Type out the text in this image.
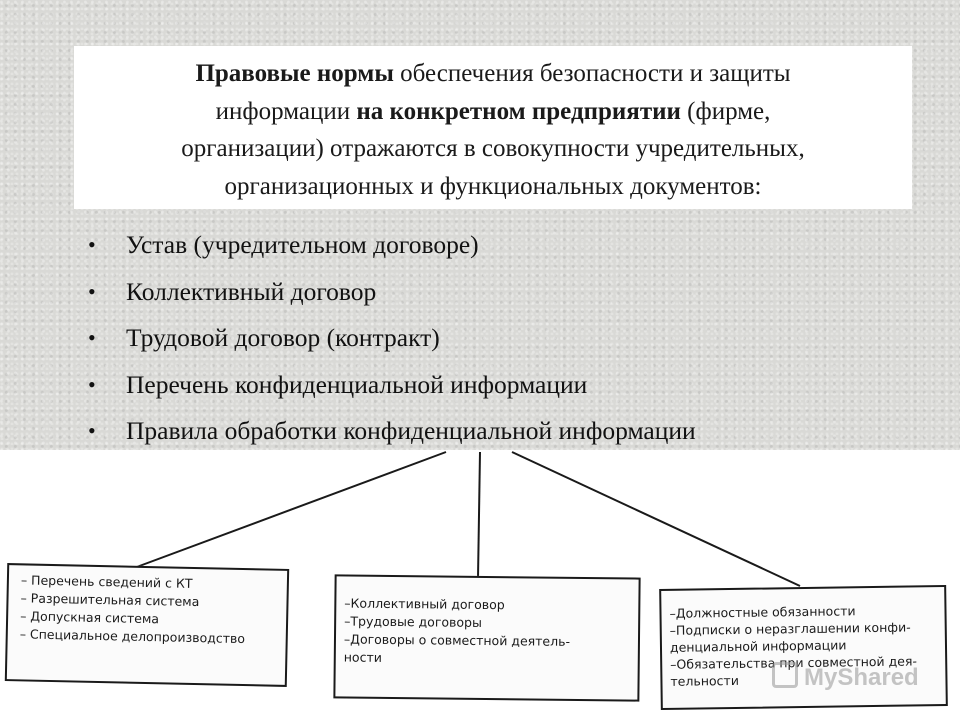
Правовые нормы обеспечения безопасности и защиты
информации на конкретном предприятии (фирме,
организации) отражаются в совокупности учредительных,
организационных и функциональных документов:
• Устав (учредительном договоре)
• Коллективный договор
• Трудовой договор (контракт)
• Перечень конфиденциальной информации
• Правила обработки конфиденциальной информации
– Перечень сведений с КТ
– Разрешительная система
– Допускная система
– Специальное делопроизводство
–Коллективный договор
–Трудовые договоры
–Договоры о совместной деятель-
ности
–Должностные обязанности
–Подписки о неразглашении конфи-
денциальной информации
–Обязательства при совместной дея-
тельности	MyShared
